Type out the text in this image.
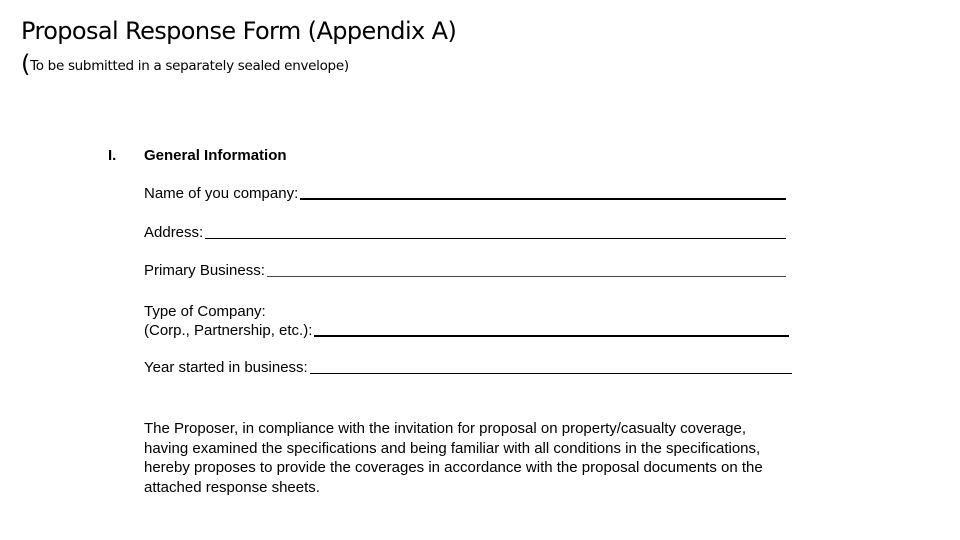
Proposal Response Form (Appendix A)
(To be submitted in a separately sealed envelope)
I. General Information
Name of you company:
Address:
Primary Business:
Type of Company:
(Corp., Partnership, etc.):
Year started in business:
The Proposer, in compliance with the invitation for proposal on property/casualty coverage, having examined the specifications and being familiar with all conditions in the specifications, hereby proposes to provide the coverages in accordance with the proposal documents on the attached response sheets.
